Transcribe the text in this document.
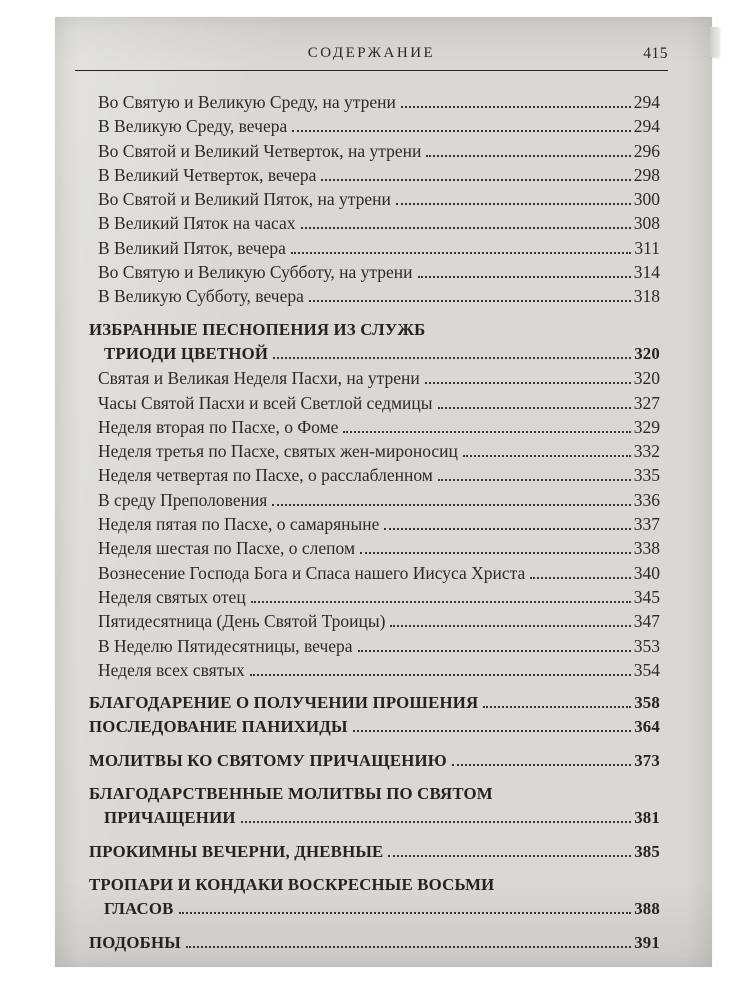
СОДЕРЖАНИЕ	415
Во Святую и Великую Среду, на утрени	294
В Великую Среду, вечера	294
Во Святой и Великий Четверток, на утрени	296
В Великий Четверток, вечера	298
Во Святой и Великий Пяток, на утрени	300
В Великий Пяток на часах	308
В Великий Пяток, вечера	311
Во Святую и Великую Субботу, на утрени	314
В Великую Субботу, вечера	318
ИЗБРАННЫЕ ПЕСНОПЕНИЯ ИЗ СЛУЖБ
ТРИОДИ ЦВЕТНОЙ	320
Святая и Великая Неделя Пасхи, на утрени	320
Часы Святой Пасхи и всей Светлой седмицы	327
Неделя вторая по Пасхе, о Фоме	329
Неделя третья по Пасхе, святых жен-мироносиц	332
Неделя четвертая по Пасхе, о расслабленном	335
В среду Преполовения	336
Неделя пятая по Пасхе, о самаряныне	337
Неделя шестая по Пасхе, о слепом	338
Вознесение Господа Бога и Спаса нашего Иисуса Христа	340
Неделя святых отец	345
Пятидесятница (День Святой Троицы)	347
В Неделю Пятидесятницы, вечера	353
Неделя всех святых	354
БЛАГОДАРЕНИЕ О ПОЛУЧЕНИИ ПРОШЕНИЯ	358
ПОСЛЕДОВАНИЕ ПАНИХИДЫ	364
МОЛИТВЫ КО СВЯТОМУ ПРИЧАЩЕНИЮ	373
БЛАГОДАРСТВЕННЫЕ МОЛИТВЫ ПО СВЯТОМ
ПРИЧАЩЕНИИ	381
ПРОКИМНЫ ВЕЧЕРНИ, ДНЕВНЫЕ	385
ТРОПАРИ И КОНДАКИ ВОСКРЕСНЫЕ ВОСЬМИ
ГЛАСОВ	388
ПОДОБНЫ	391
